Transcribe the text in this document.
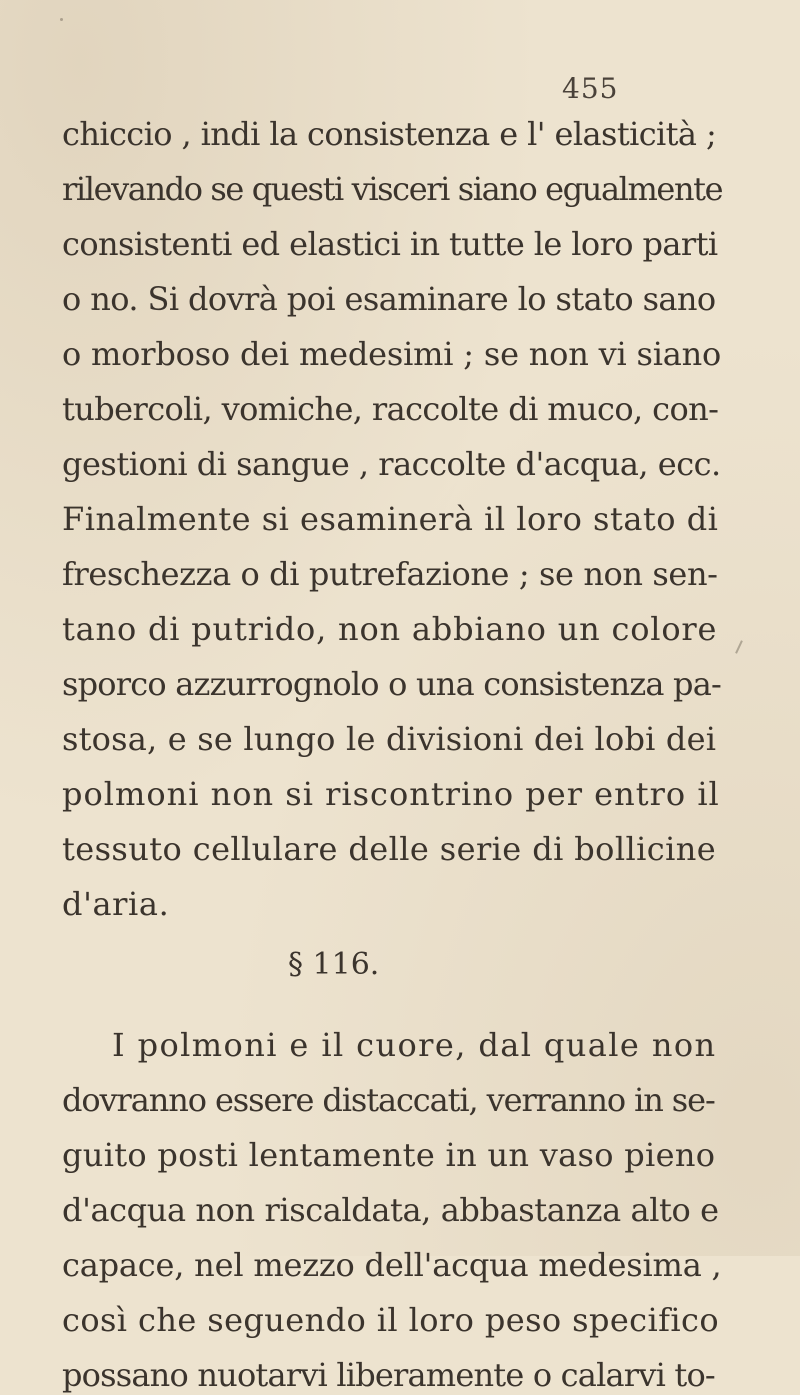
455
chiccio , indi la consistenza e l' elasticità ;
rilevando se questi visceri siano egualmente
consistenti ed elastici in tutte le loro parti
o no. Si dovrà poi esaminare lo stato sano
o morboso dei medesimi ; se non vi siano
tubercoli, vomiche, raccolte di muco, con-
gestioni di sangue , raccolte d'acqua, ecc.
Finalmente si esaminerà il loro stato di
freschezza o di putrefazione ; se non sen-
tano di putrido, non abbiano un colore
sporco azzurrognolo o una consistenza pa-
stosa, e se lungo le divisioni dei lobi dei
polmoni non si riscontrino per entro il
tessuto cellulare delle serie di bollicine
d'aria.
§ 116.
I polmoni e il cuore, dal quale non
dovranno essere distaccati, verranno in se-
guito posti lentamente in un vaso pieno
d'acqua non riscaldata, abbastanza alto e
capace, nel mezzo dell'acqua medesima ,
così che seguendo il loro peso specifico
possano nuotarvi liberamente o calarvi to-
